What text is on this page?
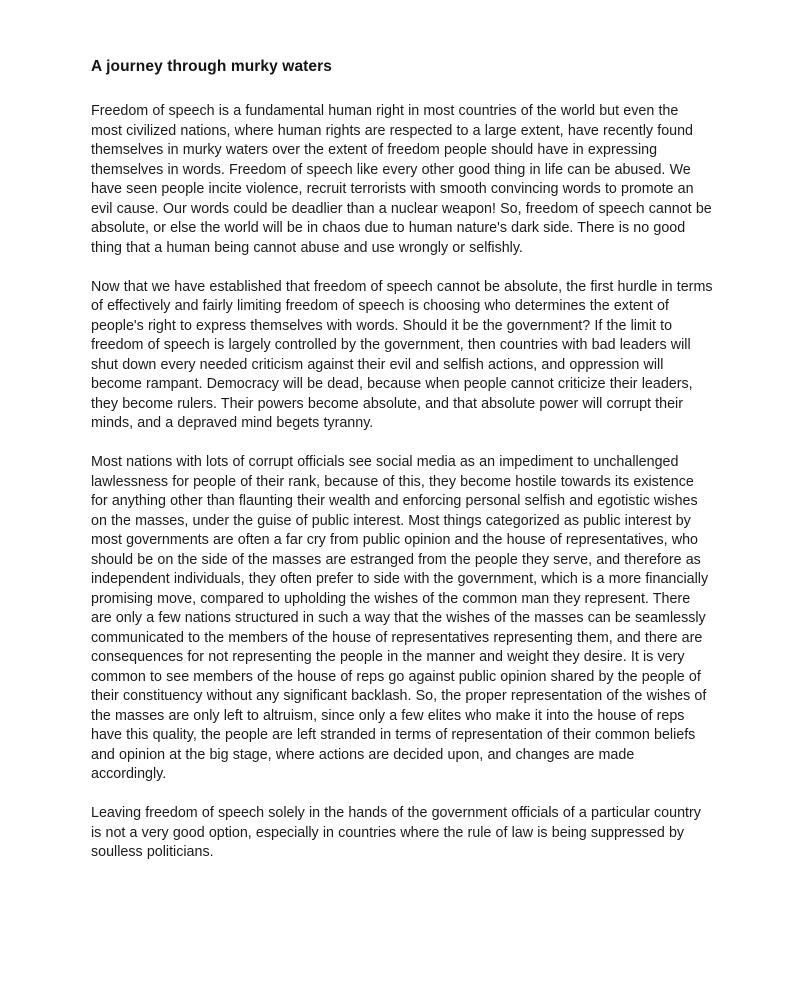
A journey through murky waters

Freedom of speech is a fundamental human right in most countries of the world but even the most civilized nations, where human rights are respected to a large extent, have recently found themselves in murky waters over the extent of freedom people should have in expressing themselves in words. Freedom of speech like every other good thing in life can be abused. We have seen people incite violence, recruit terrorists with smooth convincing words to promote an evil cause. Our words could be deadlier than a nuclear weapon! So, freedom of speech cannot be absolute, or else the world will be in chaos due to human nature's dark side. There is no good thing that a human being cannot abuse and use wrongly or selfishly.

Now that we have established that freedom of speech cannot be absolute, the first hurdle in terms of effectively and fairly limiting freedom of speech is choosing who determines the extent of people's right to express themselves with words. Should it be the government? If the limit to freedom of speech is largely controlled by the government, then countries with bad leaders will shut down every needed criticism against their evil and selfish actions, and oppression will become rampant. Democracy will be dead, because when people cannot criticize their leaders, they become rulers. Their powers become absolute, and that absolute power will corrupt their minds, and a depraved mind begets tyranny.

Most nations with lots of corrupt officials see social media as an impediment to unchallenged lawlessness for people of their rank, because of this, they become hostile towards its existence for anything other than flaunting their wealth and enforcing personal selfish and egotistic wishes on the masses, under the guise of public interest. Most things categorized as public interest by most governments are often a far cry from public opinion and the house of representatives, who should be on the side of the masses are estranged from the people they serve, and therefore as independent individuals, they often prefer to side with the government, which is a more financially promising move, compared to upholding the wishes of the common man they represent. There are only a few nations structured in such a way that the wishes of the masses can be seamlessly communicated to the members of the house of representatives representing them, and there are consequences for not representing the people in the manner and weight they desire. It is very common to see members of the house of reps go against public opinion shared by the people of their constituency without any significant backlash. So, the proper representation of the wishes of the masses are only left to altruism, since only a few elites who make it into the house of reps have this quality, the people are left stranded in terms of representation of their common beliefs and opinion at the big stage, where actions are decided upon, and changes are made accordingly.

Leaving freedom of speech solely in the hands of the government officials of a particular country is not a very good option, especially in countries where the rule of law is being suppressed by soulless politicians.
